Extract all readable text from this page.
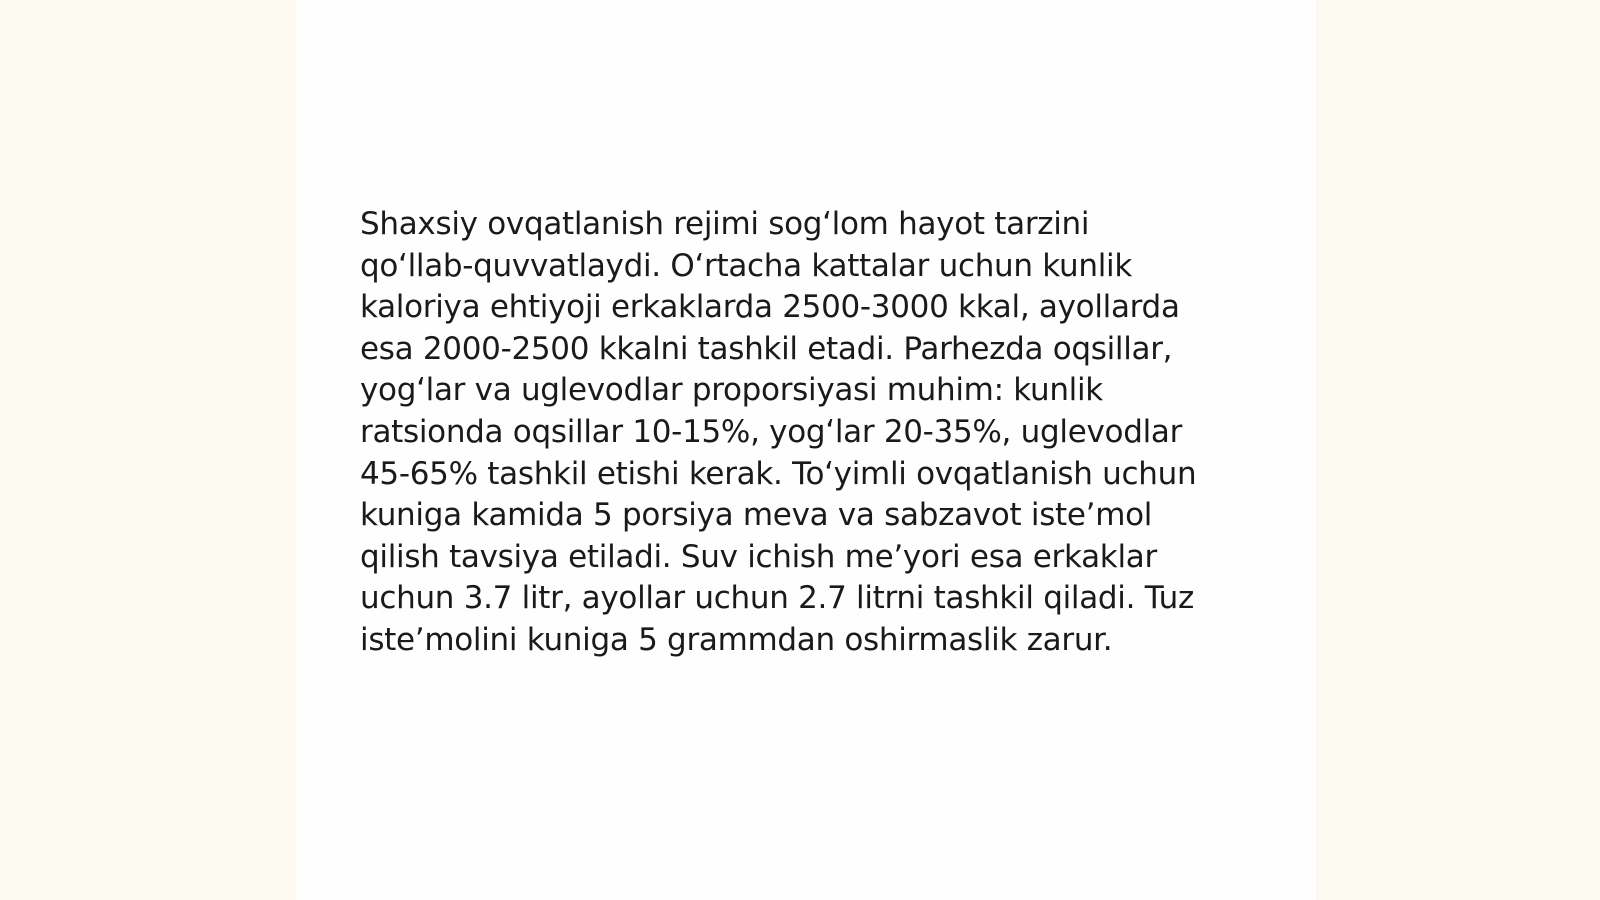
Shaxsiy ovqatlanish rejimi sog‘lom hayot tarzini
qo‘llab-quvvatlaydi. O‘rtacha kattalar uchun kunlik
kaloriya ehtiyoji erkaklarda 2500-3000 kkal, ayollarda
esa 2000-2500 kkalni tashkil etadi. Parhezda oqsillar,
yog‘lar va uglevodlar proporsiyasi muhim: kunlik
ratsionda oqsillar 10-15%, yog‘lar 20-35%, uglevodlar
45-65% tashkil etishi kerak. To‘yimli ovqatlanish uchun
kuniga kamida 5 porsiya meva va sabzavot iste’mol
qilish tavsiya etiladi. Suv ichish me’yori esa erkaklar
uchun 3.7 litr, ayollar uchun 2.7 litrni tashkil qiladi. Tuz
iste’molini kuniga 5 grammdan oshirmaslik zarur.
